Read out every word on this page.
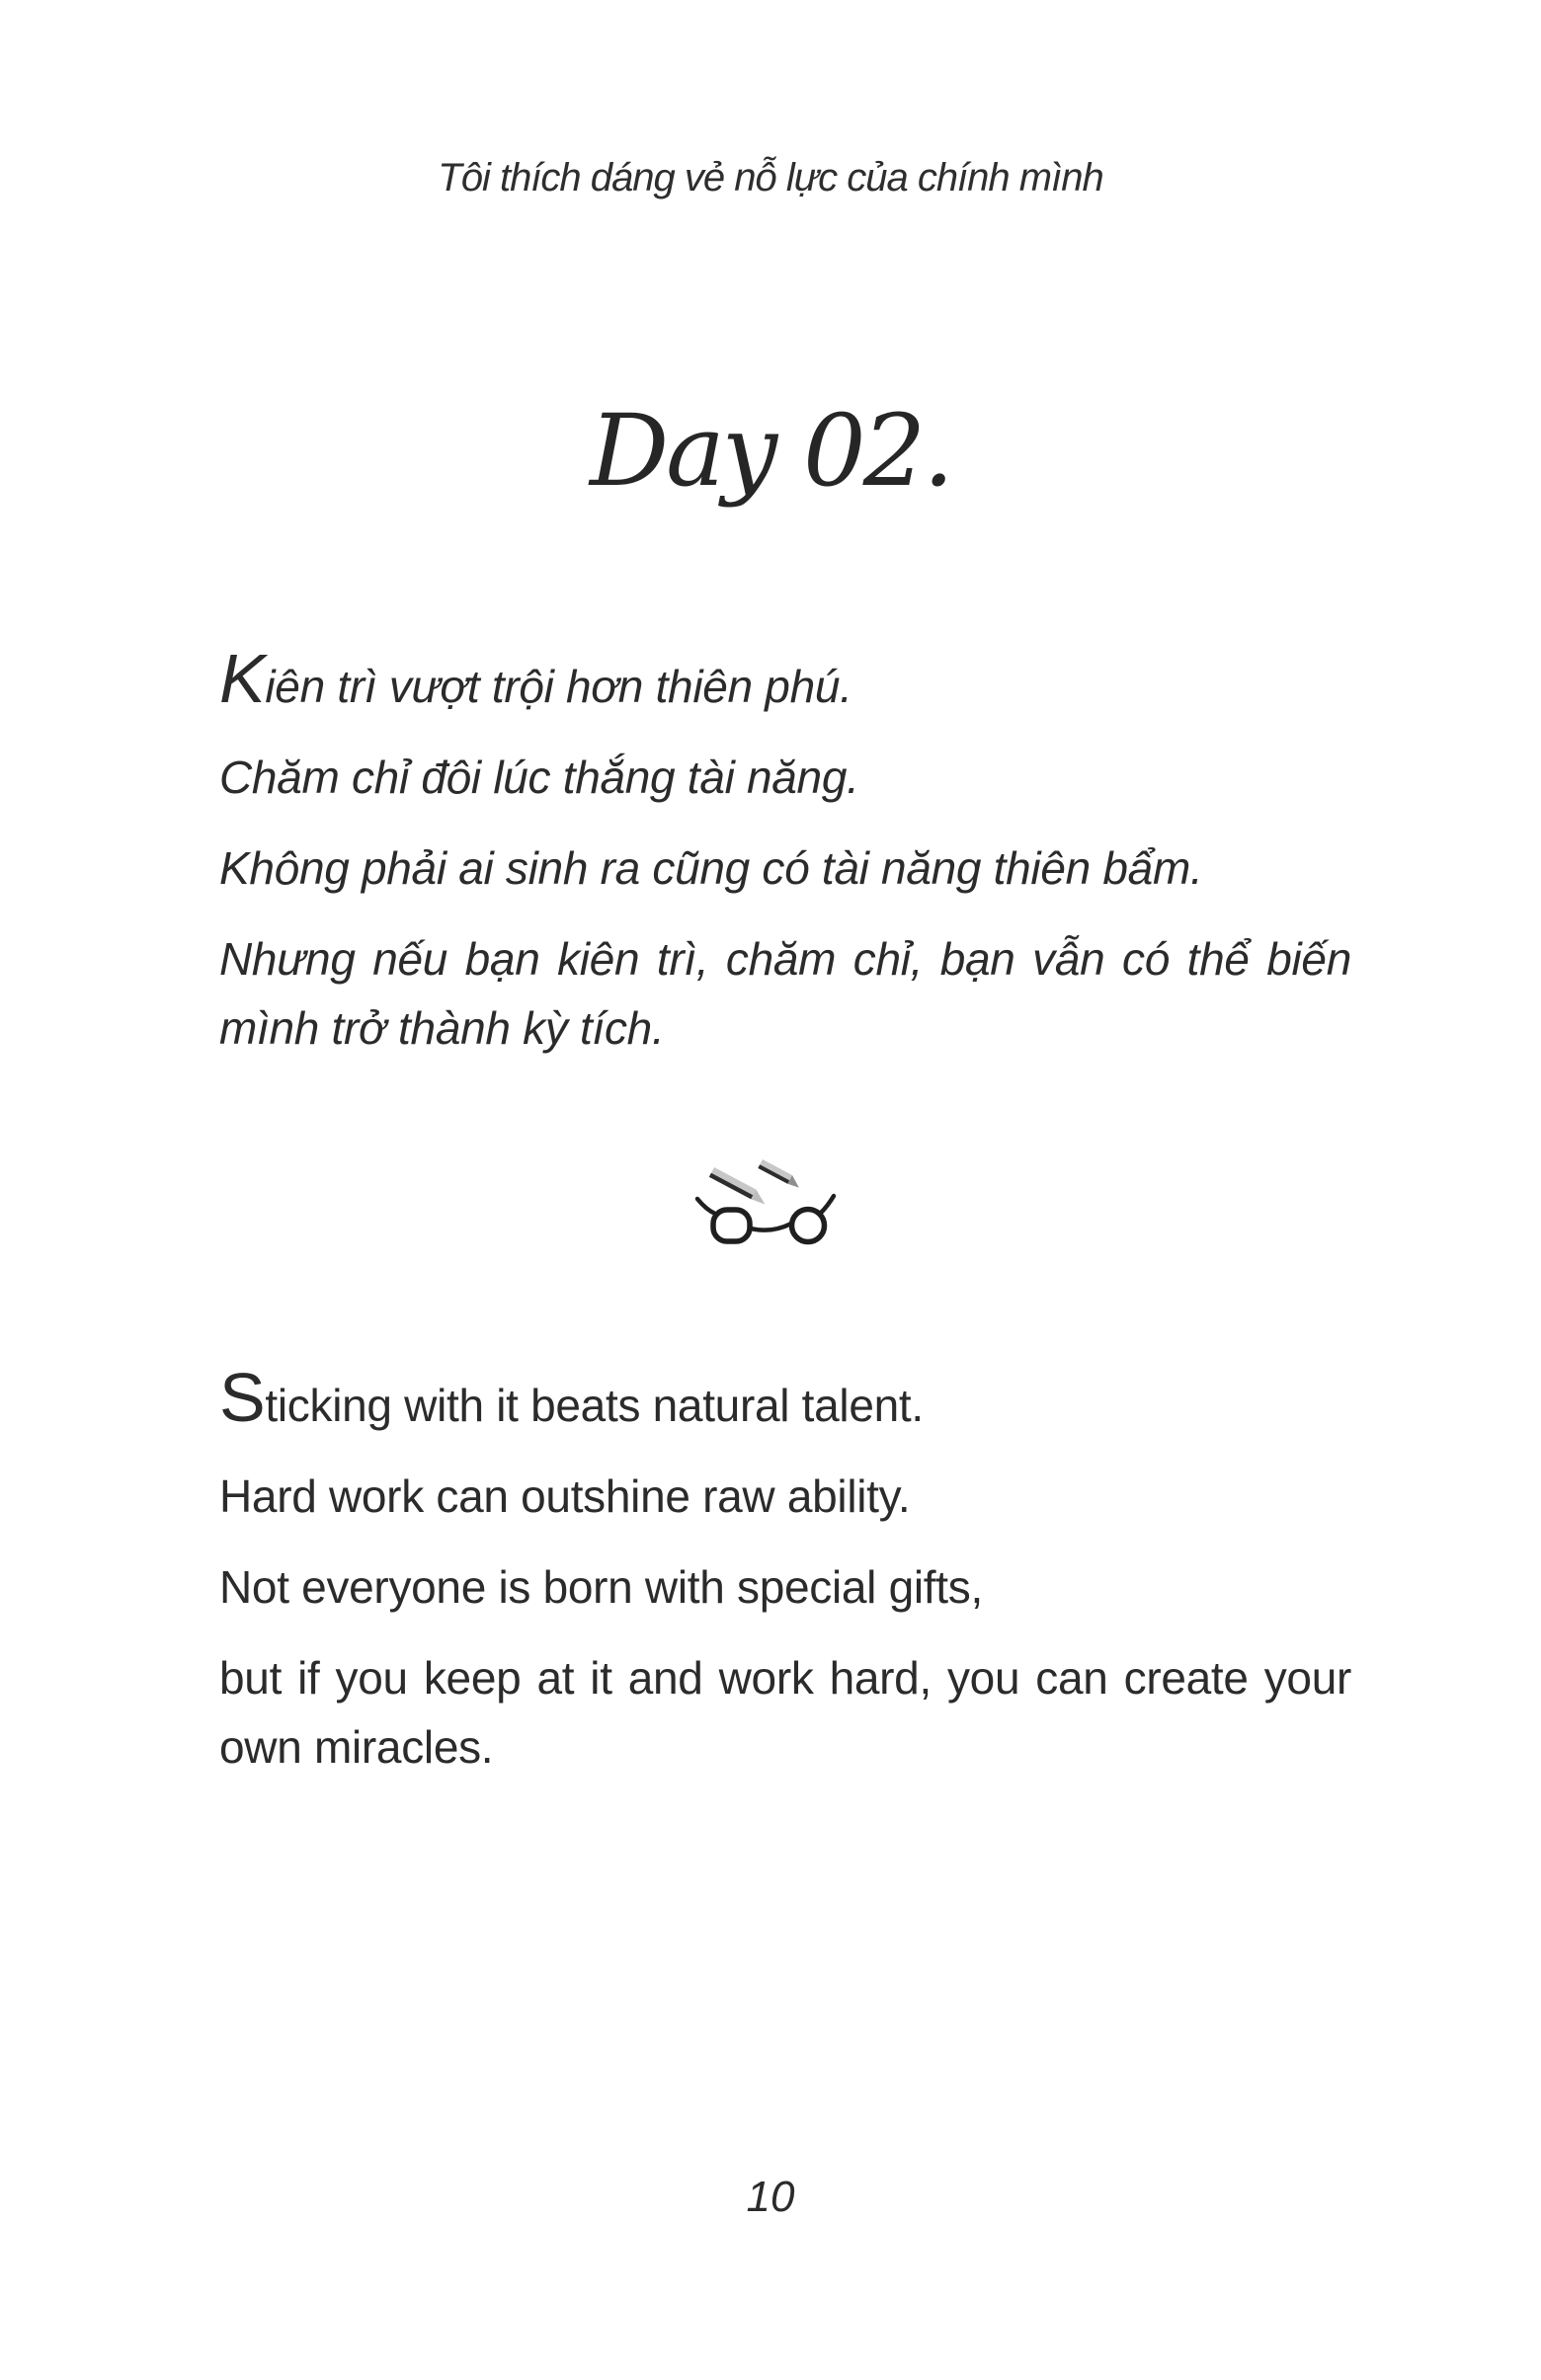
Tôi thích dáng vẻ nỗ lực của chính mình
Day 02.

Kiên trì vượt trội hơn thiên phú.

Chăm chỉ đôi lúc thắng tài năng.

Không phải ai sinh ra cũng có tài năng thiên bẩm.

Nhưng nếu bạn kiên trì, chăm chỉ, bạn vẫn có thể biến mình trở thành kỳ tích.

Sticking with it beats natural talent.

Hard work can outshine raw ability.

Not everyone is born with special gifts,

but if you keep at it and work hard, you can create your own miracles.

10
